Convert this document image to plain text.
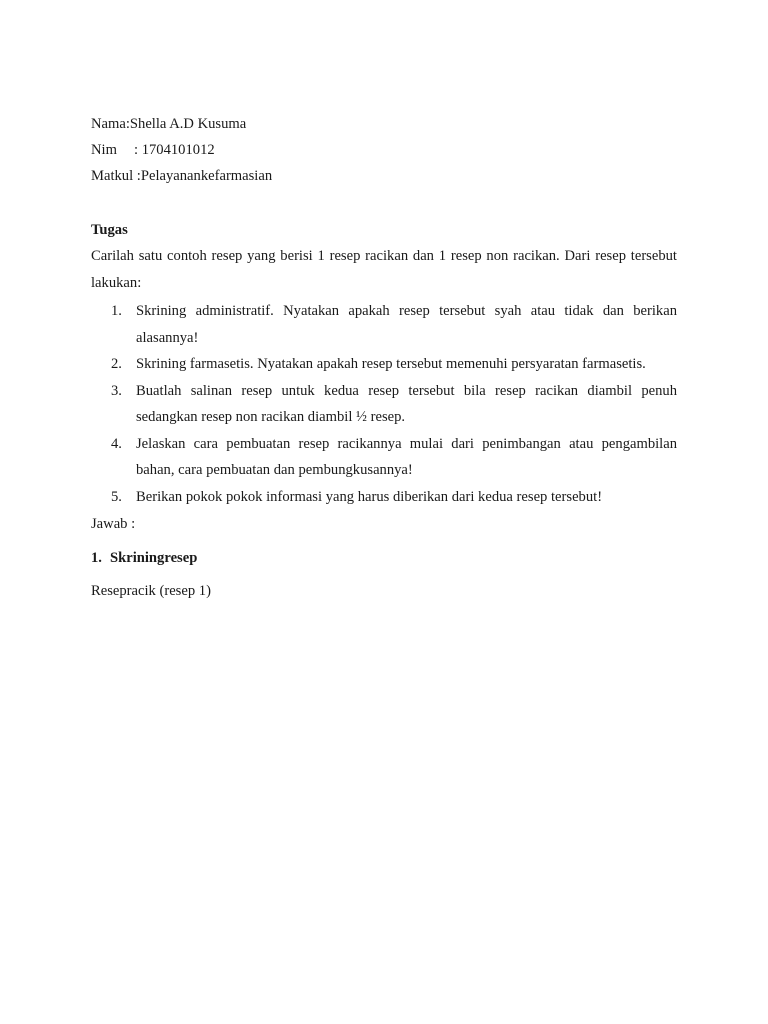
Nama:Shella A.D Kusuma
Nim : 1704101012
Matkul :Pelayanankefarmasian
Tugas
Carilah satu contoh resep yang berisi 1 resep racikan dan 1 resep non racikan. Dari resep tersebut lakukan:
1. Skrining administratif. Nyatakan apakah resep tersebut syah atau tidak dan berikan alasannya!
2. Skrining farmasetis. Nyatakan apakah resep tersebut memenuhi persyaratan farmasetis.
3. Buatlah salinan resep untuk kedua resep tersebut bila resep racikan diambil penuh sedangkan resep non racikan diambil ½ resep.
4. Jelaskan cara pembuatan resep racikannya mulai dari penimbangan atau pengambilan bahan, cara pembuatan dan pembungkusannya!
5. Berikan pokok pokok informasi yang harus diberikan dari kedua resep tersebut!
Jawab :
1. Skriningresep
Resepracik (resep 1)
